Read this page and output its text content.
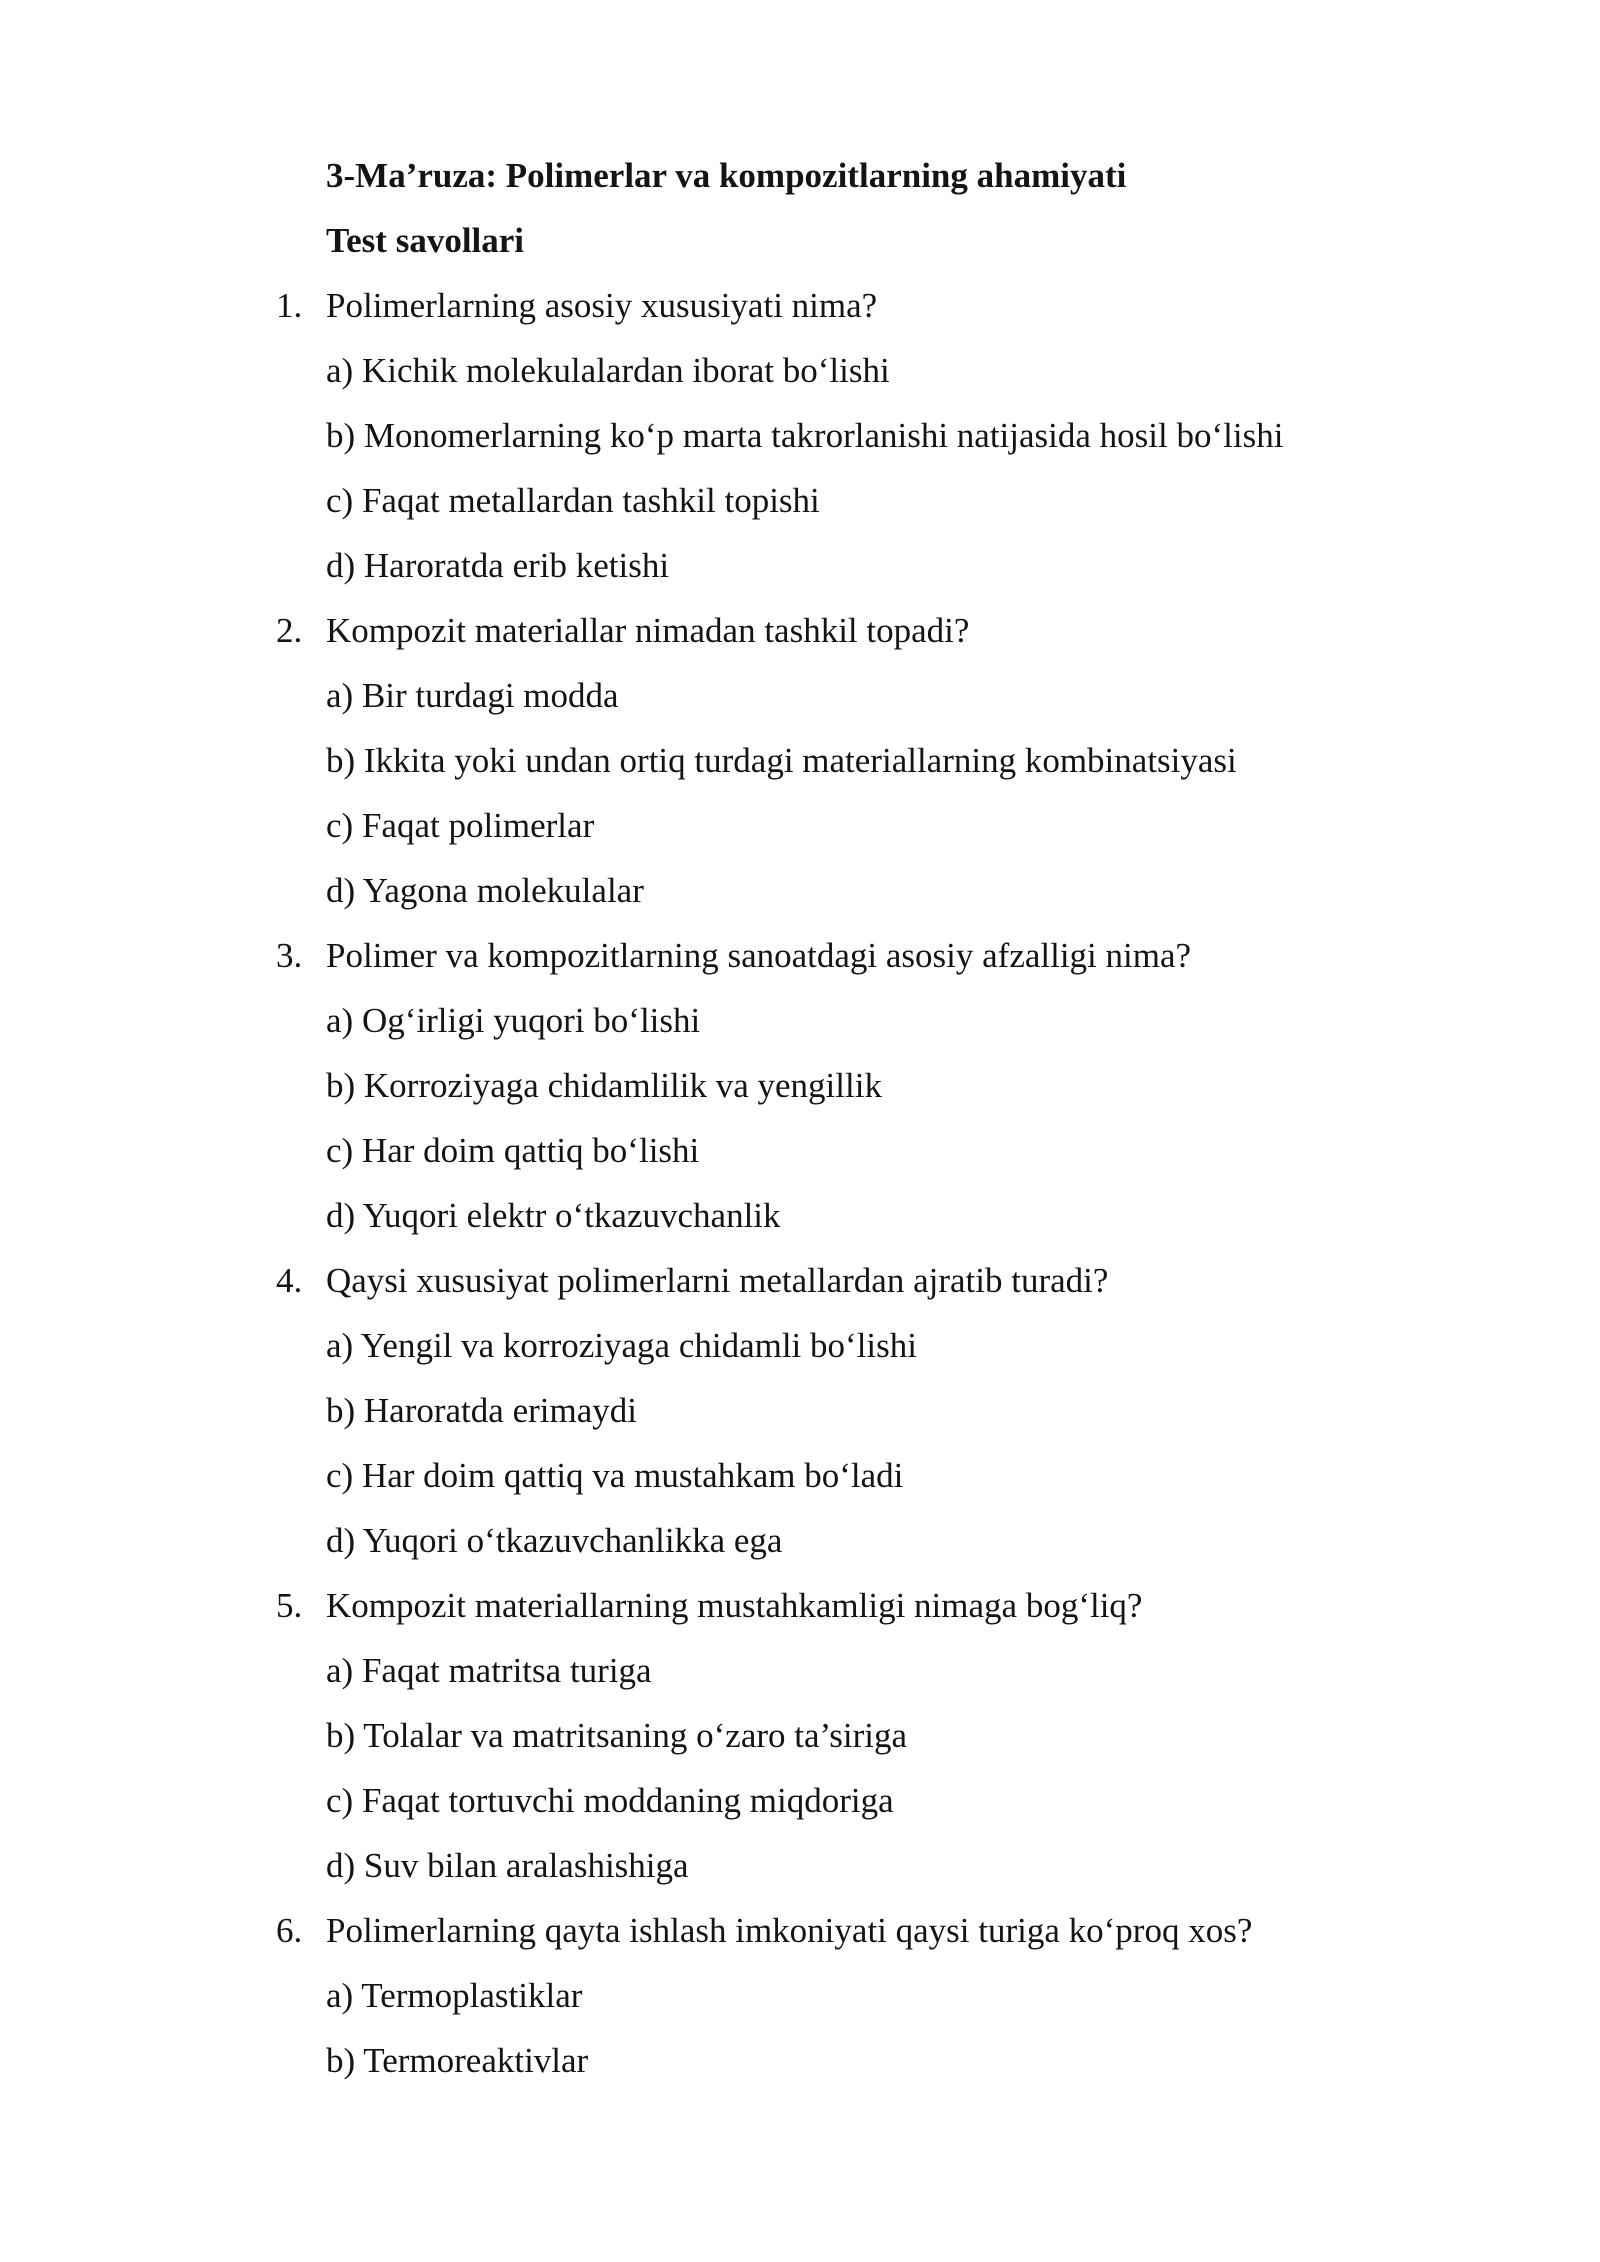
3-Ma’ruza: Polimerlar va kompozitlarning ahamiyati
Test savollari
1. Polimerlarning asosiy xususiyati nima?
a) Kichik molekulalardan iborat bo‘lishi
b) Monomerlarning ko‘p marta takrorlanishi natijasida hosil bo‘lishi
c) Faqat metallardan tashkil topishi
d) Haroratda erib ketishi
2. Kompozit materiallar nimadan tashkil topadi?
a) Bir turdagi modda
b) Ikkita yoki undan ortiq turdagi materiallarning kombinatsiyasi
c) Faqat polimerlar
d) Yagona molekulalar
3. Polimer va kompozitlarning sanoatdagi asosiy afzalligi nima?
a) Og‘irligi yuqori bo‘lishi
b) Korroziyaga chidamlilik va yengillik
c) Har doim qattiq bo‘lishi
d) Yuqori elektr o‘tkazuvchanlik
4. Qaysi xususiyat polimerlarni metallardan ajratib turadi?
a) Yengil va korroziyaga chidamli bo‘lishi
b) Haroratda erimaydi
c) Har doim qattiq va mustahkam bo‘ladi
d) Yuqori o‘tkazuvchanlikka ega
5. Kompozit materiallarning mustahkamligi nimaga bog‘liq?
a) Faqat matritsa turiga
b) Tolalar va matritsaning o‘zaro ta’siriga
c) Faqat tortuvchi moddaning miqdoriga
d) Suv bilan aralashishiga
6. Polimerlarning qayta ishlash imkoniyati qaysi turiga ko‘proq xos?
a) Termoplastiklar
b) Termoreaktivlar
